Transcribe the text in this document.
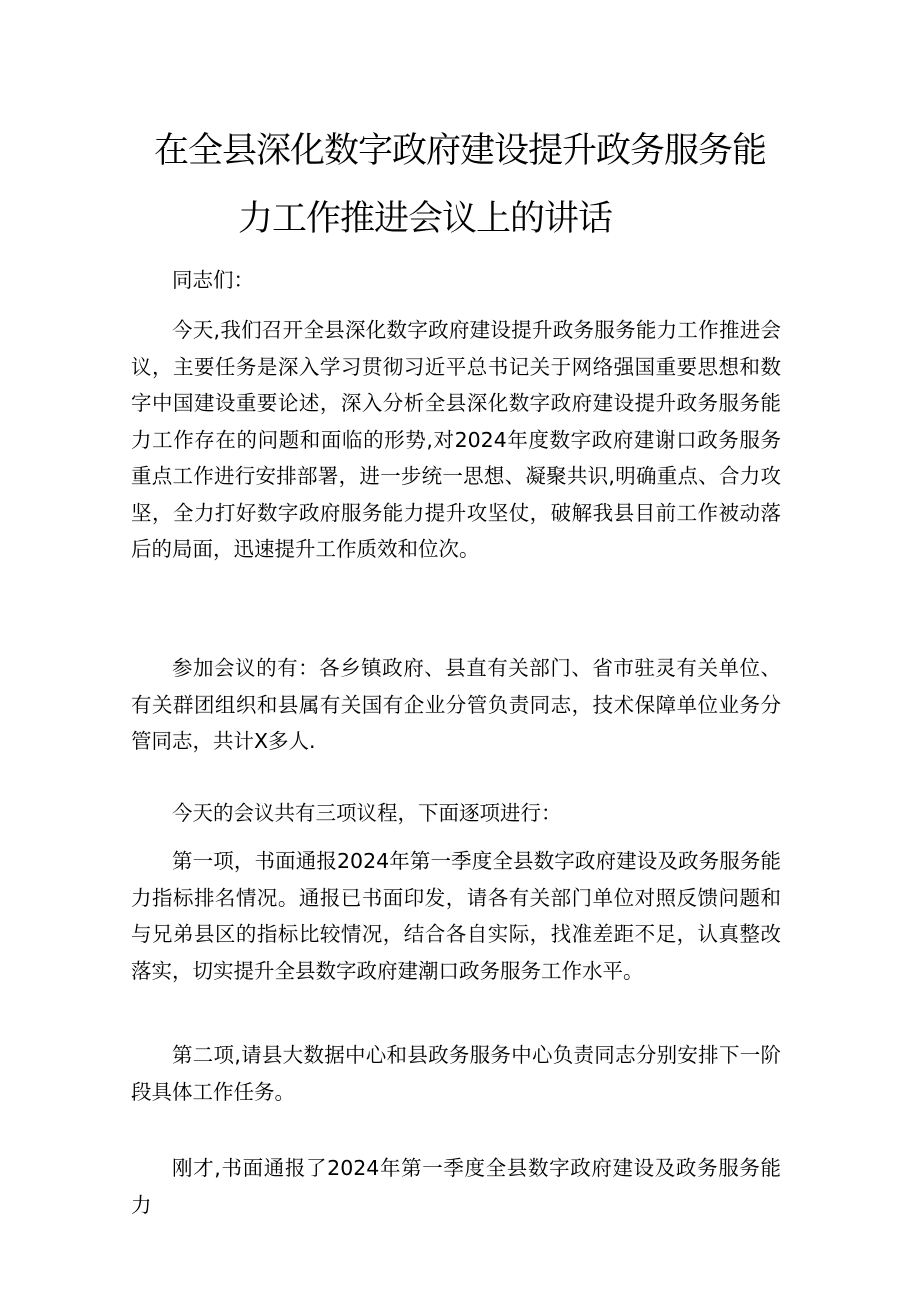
在全县深化数字政府建设提升政务服务能
力工作推进会议上的讲话

同志们：

今天,我们召开全县深化数字政府建设提升政务服务能力工作推进会议，主要任务是深入学习贯彻习近平总书记关于网络强国重要思想和数字中国建设重要论述，深入分析全县深化数字政府建设提升政务服务能力工作存在的问题和面临的形势,对2024年度数字政府建谢口政务服务重点工作进行安排部署，进一步统一思想、凝聚共识,明确重点、合力攻坚，全力打好数字政府服务能力提升攻坚仗，破解我县目前工作被动落后的局面，迅速提升工作质效和位次。

参加会议的有：各乡镇政府、县直有关部门、省市驻灵有关单位、有关群团组织和县属有关国有企业分管负责同志，技术保障单位业务分管同志，共计X多人.

今天的会议共有三项议程，下面逐项进行：

第一项，书面通报2024年第一季度全县数字政府建设及政务服务能力指标排名情况。通报已书面印发，请各有关部门单位对照反馈问题和与兄弟县区的指标比较情况，结合各自实际，找准差距不足，认真整改落实，切实提升全县数字政府建潮口政务服务工作水平。

第二项,请县大数据中心和县政务服务中心负责同志分别安排下一阶段具体工作任务。

刚才,书面通报了2024年第一季度全县数字政府建设及政务服务能力
